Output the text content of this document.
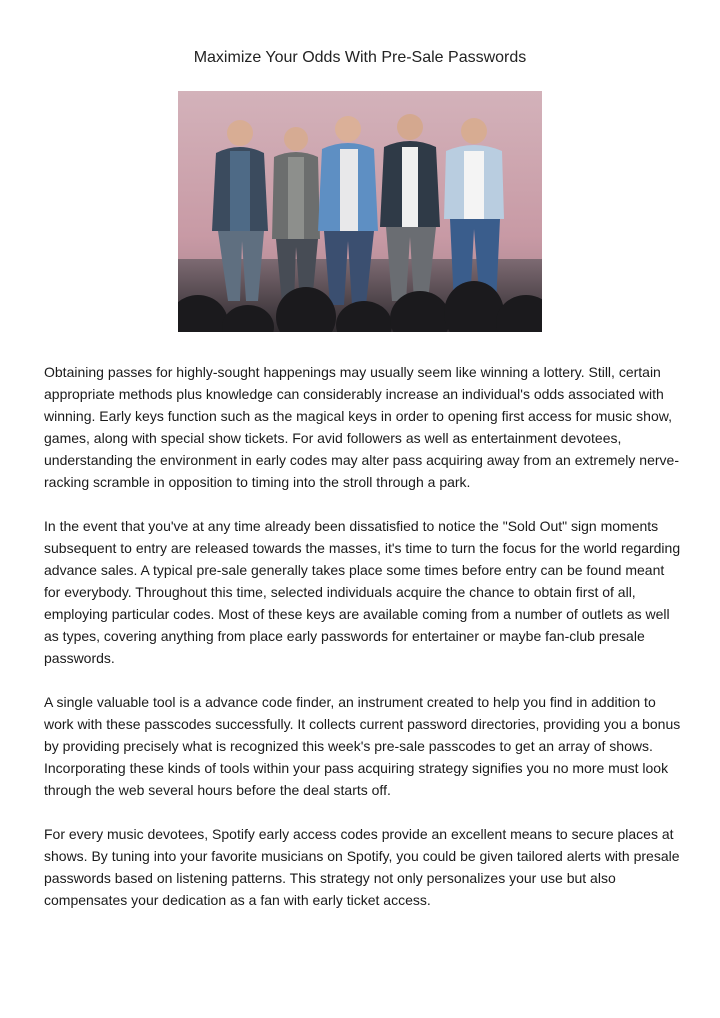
Maximize Your Odds With Pre-Sale Passwords

Obtaining passes for highly-sought happenings may usually seem like winning a lottery. Still, certain appropriate methods plus knowledge can considerably increase an individual's odds associated with winning. Early keys function such as the magical keys in order to opening first access for music show, games, along with special show tickets. For avid followers as well as entertainment devotees, understanding the environment in early codes may alter pass acquiring away from an extremely nerve-racking scramble in opposition to timing into the stroll through a park.

In the event that you've at any time already been dissatisfied to notice the "Sold Out" sign moments subsequent to entry are released towards the masses, it's time to turn the focus for the world regarding advance sales. A typical pre-sale generally takes place some times before entry can be found meant for everybody. Throughout this time, selected individuals acquire the chance to obtain first of all, employing particular codes. Most of these keys are available coming from a number of outlets as well as types, covering anything from place early passwords for entertainer or maybe fan-club presale passwords.

A single valuable tool is a advance code finder, an instrument created to help you find in addition to work with these passcodes successfully. It collects current password directories, providing you a bonus by providing precisely what is recognized this week's pre-sale passcodes to get an array of shows. Incorporating these kinds of tools within your pass acquiring strategy signifies you no more must look through the web several hours before the deal starts off.

For every music devotees, Spotify early access codes provide an excellent means to secure places at shows. By tuning into your favorite musicians on Spotify, you could be given tailored alerts with presale passwords based on listening patterns. This strategy not only personalizes your use but also compensates your dedication as a fan with early ticket access.
